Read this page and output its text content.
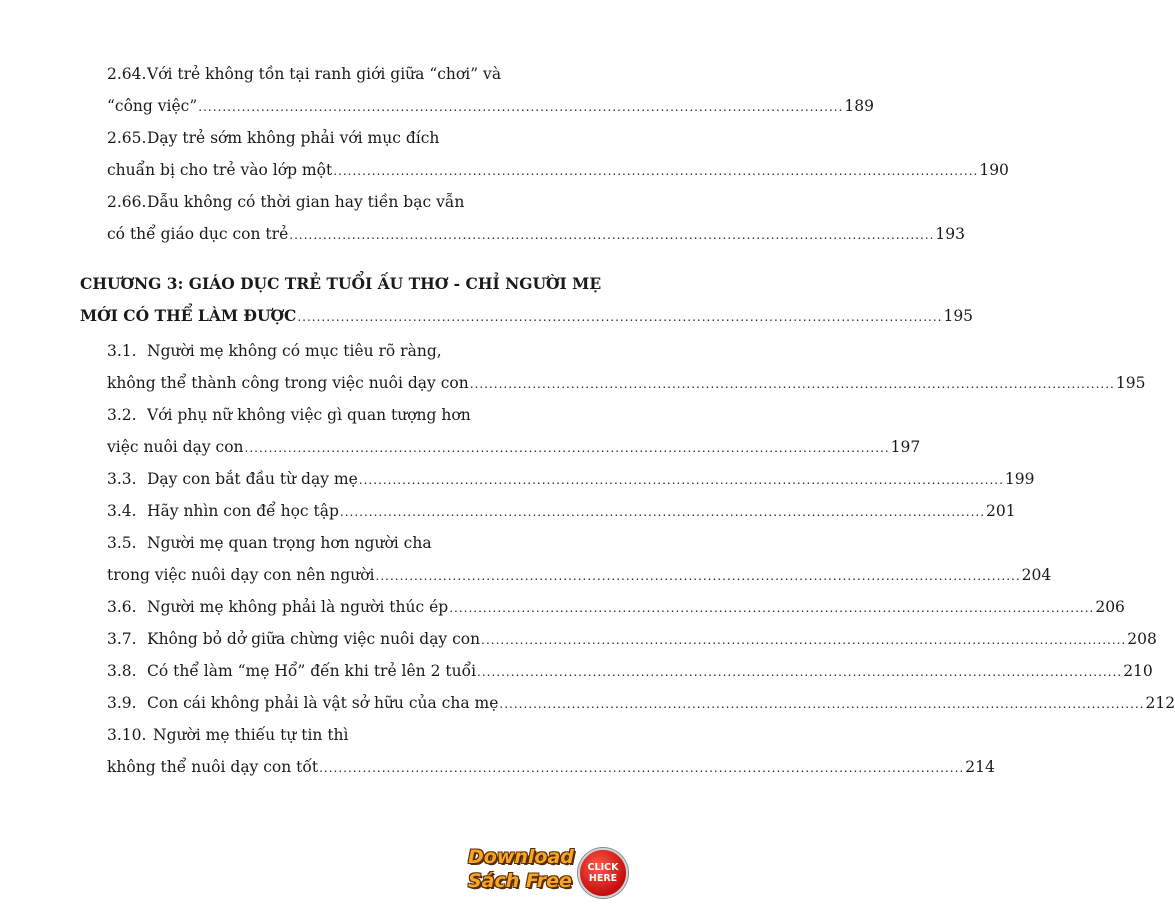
2.64.Với trẻ không tồn tại ranh giới giữa “chơi” và
“công việc” ...................................................................................................................................... 189
2.65.Dạy trẻ sớm không phải với mục đích
chuẩn bị cho trẻ vào lớp một ...................................................................................................................................... 190
2.66.Dẫu không có thời gian hay tiền bạc vẫn
có thể giáo dục con trẻ ...................................................................................................................................... 193
CHƯƠNG 3: GIÁO DỤC TRẺ TUỔI ẤU THƠ - CHỈ NGƯỜI MẸ
MỚI CÓ THỂ LÀM ĐƯỢC ...................................................................................................................................... 195
3.1. Người mẹ không có mục tiêu rõ ràng,
không thể thành công trong việc nuôi dạy con ...................................................................................................................................... 195
3.2. Với phụ nữ không việc gì quan tượng hơn
việc nuôi dạy con ...................................................................................................................................... 197
3.3. Dạy con bắt đầu từ dạy mẹ ...................................................................................................................................... 199
3.4. Hãy nhìn con để học tập ...................................................................................................................................... 201
3.5. Người mẹ quan trọng hơn người cha
trong việc nuôi dạy con nên người ...................................................................................................................................... 204
3.6. Người mẹ không phải là người thúc ép ...................................................................................................................................... 206
3.7. Không bỏ dở giữa chừng việc nuôi dạy con ...................................................................................................................................... 208
3.8. Có thể làm “mẹ Hổ” đến khi trẻ lên 2 tuổi ...................................................................................................................................... 210
3.9. Con cái không phải là vật sở hữu của cha mẹ ...................................................................................................................................... 212
3.10. Người mẹ thiếu tự tin thì
không thể nuôi dạy con tốt ...................................................................................................................................... 214
Download
Sách Free
CLICK HERE
